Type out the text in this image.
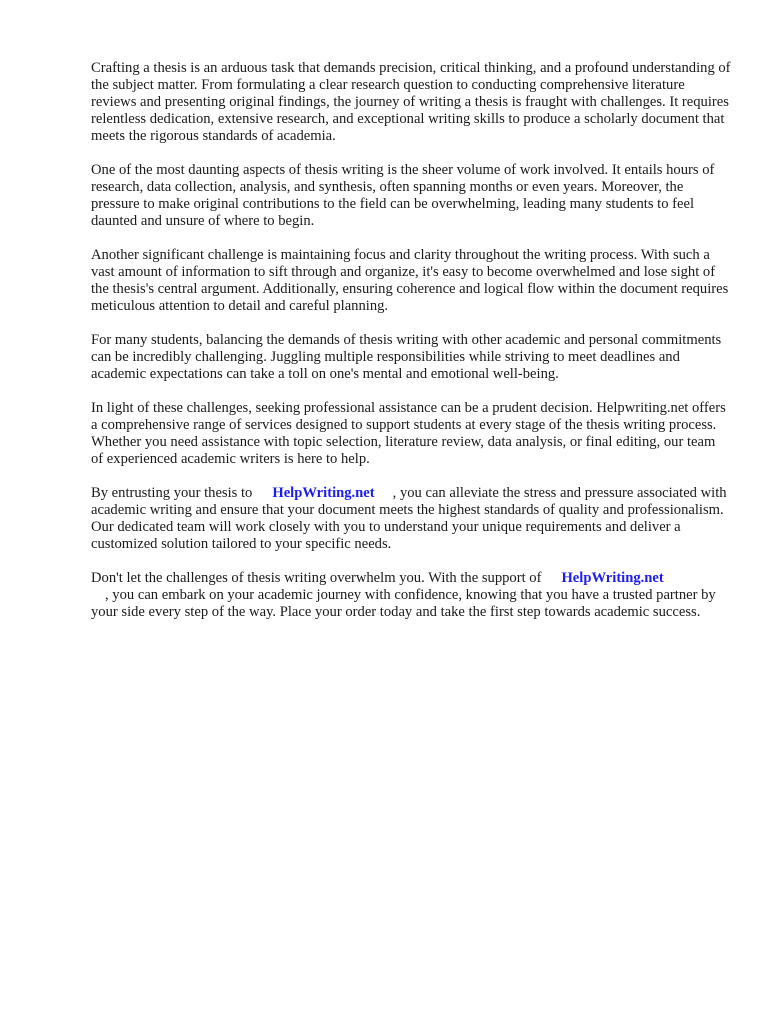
Crafting a thesis is an arduous task that demands precision, critical thinking, and a profound understanding of the subject matter. From formulating a clear research question to conducting comprehensive literature reviews and presenting original findings, the journey of writing a thesis is fraught with challenges. It requires relentless dedication, extensive research, and exceptional writing skills to produce a scholarly document that meets the rigorous standards of academia.

One of the most daunting aspects of thesis writing is the sheer volume of work involved. It entails hours of research, data collection, analysis, and synthesis, often spanning months or even years. Moreover, the pressure to make original contributions to the field can be overwhelming, leading many students to feel daunted and unsure of where to begin.

Another significant challenge is maintaining focus and clarity throughout the writing process. With such a vast amount of information to sift through and organize, it's easy to become overwhelmed and lose sight of the thesis's central argument. Additionally, ensuring coherence and logical flow within the document requires meticulous attention to detail and careful planning.

For many students, balancing the demands of thesis writing with other academic and personal commitments can be incredibly challenging. Juggling multiple responsibilities while striving to meet deadlines and academic expectations can take a toll on one's mental and emotional well-being.

In light of these challenges, seeking professional assistance can be a prudent decision. Helpwriting.net offers a comprehensive range of services designed to support students at every stage of the thesis writing process. Whether you need assistance with topic selection, literature review, data analysis, or final editing, our team of experienced academic writers is here to help.

By entrusting your thesis to HelpWriting.net , you can alleviate the stress and pressure associated with academic writing and ensure that your document meets the highest standards of quality and professionalism. Our dedicated team will work closely with you to understand your unique requirements and deliver a customized solution tailored to your specific needs.

Don't let the challenges of thesis writing overwhelm you. With the support of HelpWriting.net
, you can embark on your academic journey with confidence, knowing that you have a trusted partner by your side every step of the way. Place your order today and take the first step towards academic success.
